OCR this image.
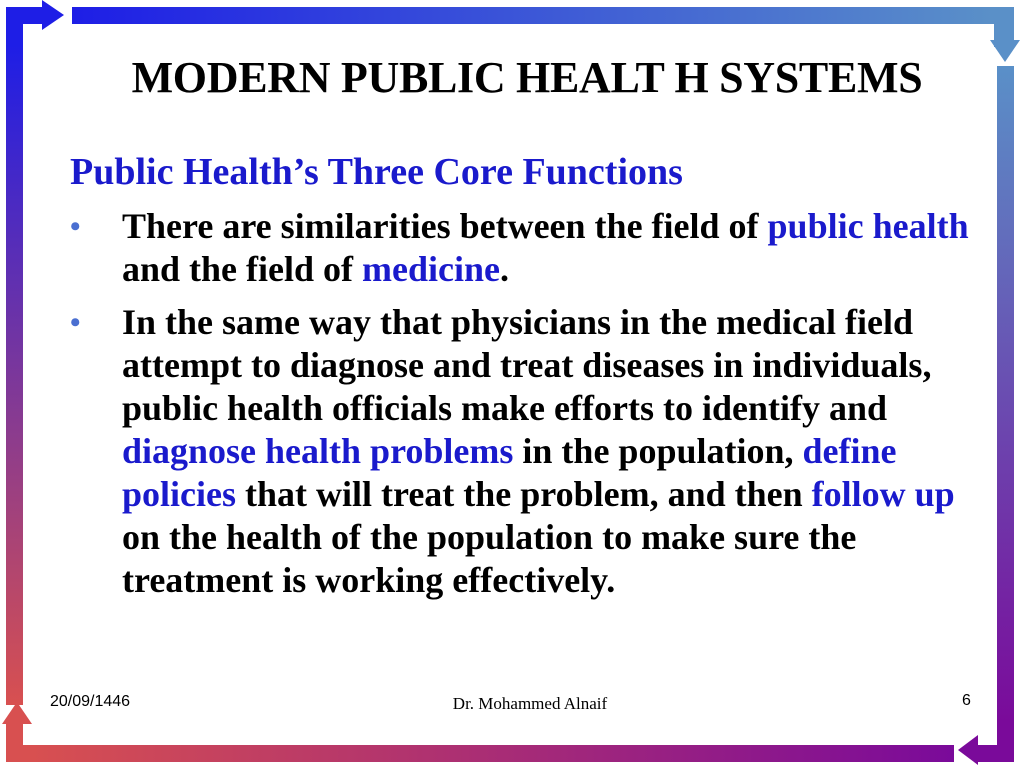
MODERN PUBLIC HEALT H SYSTEMS
Public Health’s Three Core Functions
• There are similarities between the field of public health and the field of medicine.
• In the same way that physicians in the medical field attempt to diagnose and treat diseases in individuals, public health officials make efforts to identify and diagnose health problems in the population, define policies that will treat the problem, and then follow up on the health of the population to make sure the treatment is working effectively.
20/09/1446	Dr. Mohammed Alnaif	6
